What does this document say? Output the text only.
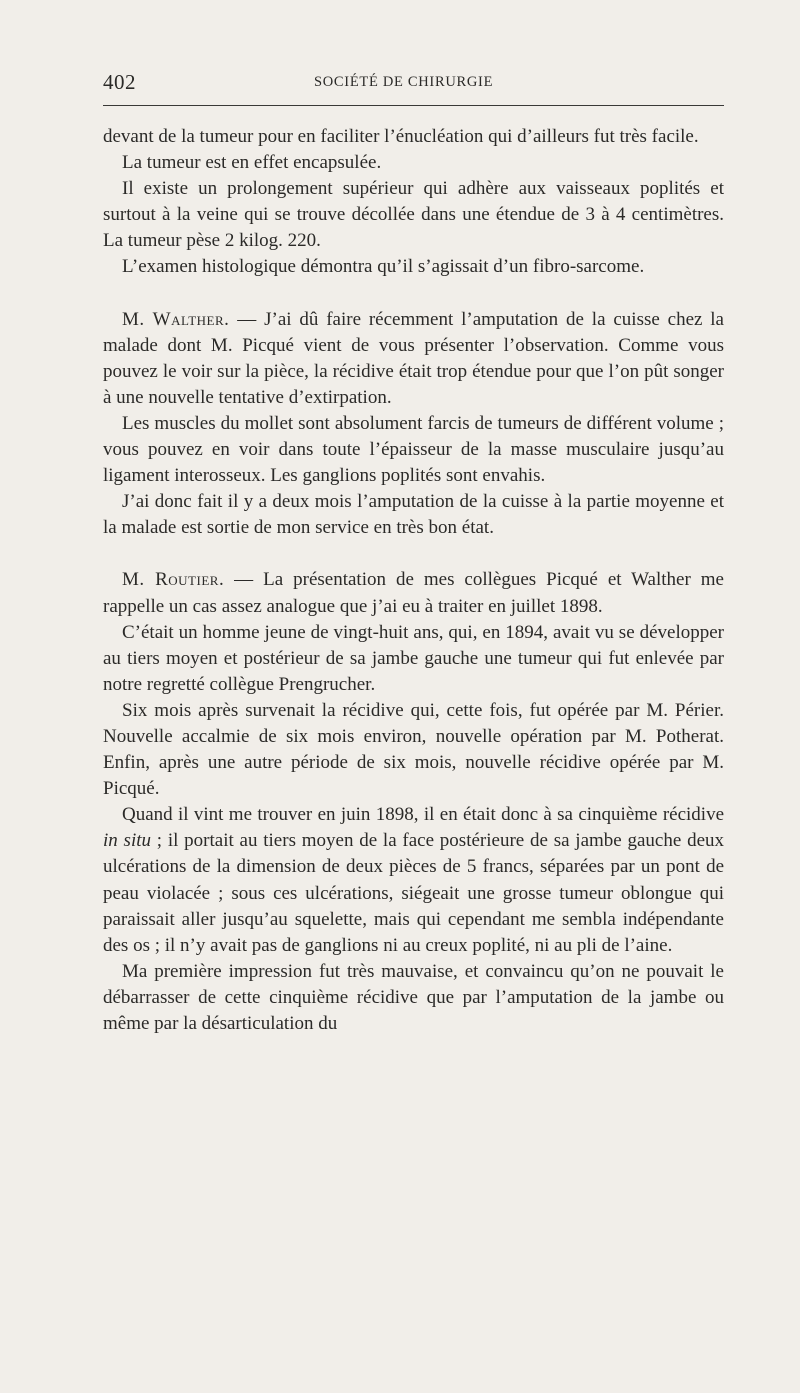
402	SOCIÉTÉ DE CHIRURGIE

devant de la tumeur pour en faciliter l’énucléation qui d’ailleurs fut très facile.

La tumeur est en effet encapsulée.

Il existe un prolongement supérieur qui adhère aux vaisseaux poplités et surtout à la veine qui se trouve décollée dans une étendue de 3 à 4 centimètres. La tumeur pèse 2 kilog. 220.

L’examen histologique démontra qu’il s’agissait d’un fibro-sarcome.

M. Walther. — J’ai dû faire récemment l’amputation de la cuisse chez la malade dont M. Picqué vient de vous présenter l’observation. Comme vous pouvez le voir sur la pièce, la récidive était trop étendue pour que l’on pût songer à une nouvelle tentative d’extirpation.

Les muscles du mollet sont absolument farcis de tumeurs de différent volume ; vous pouvez en voir dans toute l’épaisseur de la masse musculaire jusqu’au ligament interosseux. Les ganglions poplités sont envahis.

J’ai donc fait il y a deux mois l’amputation de la cuisse à la partie moyenne et la malade est sortie de mon service en très bon état.

M. Routier. — La présentation de mes collègues Picqué et Walther me rappelle un cas assez analogue que j’ai eu à traiter en juillet 1898.

C’était un homme jeune de vingt-huit ans, qui, en 1894, avait vu se développer au tiers moyen et postérieur de sa jambe gauche une tumeur qui fut enlevée par notre regretté collègue Prengrucher.

Six mois après survenait la récidive qui, cette fois, fut opérée par M. Périer. Nouvelle accalmie de six mois environ, nouvelle opération par M. Potherat. Enfin, après une autre période de six mois, nouvelle récidive opérée par M. Picqué.

Quand il vint me trouver en juin 1898, il en était donc à sa cinquième récidive in situ ; il portait au tiers moyen de la face postérieure de sa jambe gauche deux ulcérations de la dimension de deux pièces de 5 francs, séparées par un pont de peau violacée ; sous ces ulcérations, siégeait une grosse tumeur oblongue qui paraissait aller jusqu’au squelette, mais qui cependant me sembla indépendante des os ; il n’y avait pas de ganglions ni au creux poplité, ni au pli de l’aine.

Ma première impression fut très mauvaise, et convaincu qu’on ne pouvait le débarrasser de cette cinquième récidive que par l’amputation de la jambe ou même par la désarticulation du
